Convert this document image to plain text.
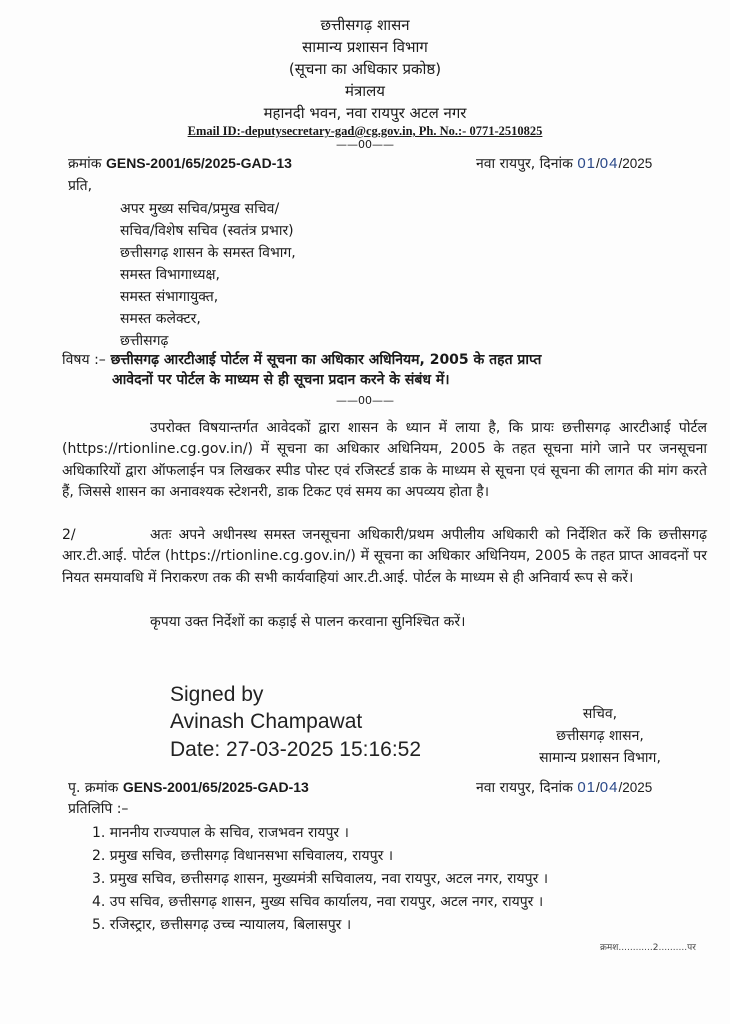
छत्तीसगढ़ शासन
सामान्य प्रशासन विभाग
(सूचना का अधिकार प्रकोष्ठ)
मंत्रालय
महानदी भवन, नवा रायपुर अटल नगर
Email ID:-deputysecretary-gad@cg.gov.in, Ph. No.:- 0771-2510825
——00——
क्रमांक GENS-2001/65/2025-GAD-13	नवा रायपुर, दिनांक 01/04/2025
प्रति,
अपर मुख्य सचिव/प्रमुख सचिव/
सचिव/विशेष सचिव (स्वतंत्र प्रभार)
छत्तीसगढ़ शासन के समस्त विभाग,
समस्त विभागाध्यक्ष,
समस्त संभागायुक्त,
समस्त कलेक्टर,
छत्तीसगढ़
विषय :– छत्तीसगढ़ आरटीआई पोर्टल में सूचना का अधिकार अधिनियम, 2005 के तहत प्राप्त
आवेदनों पर पोर्टल के माध्यम से ही सूचना प्रदान करने के संबंध में।
——00——
उपरोक्त विषयान्तर्गत आवेदकों द्वारा शासन के ध्यान में लाया है, कि प्रायः छत्तीसगढ़ आरटीआई पोर्टल (https://rtionline.cg.gov.in/) में सूचना का अधिकार अधिनियम, 2005 के तहत सूचना मांगे जाने पर जनसूचना अधिकारियों द्वारा ऑफलाईन पत्र लिखकर स्पीड पोस्ट एवं रजिस्टर्ड डाक के माध्यम से सूचना एवं सूचना की लागत की मांग करते हैं, जिससे शासन का अनावश्यक स्टेशनरी, डाक टिकट एवं समय का अपव्यय होता है।
2/	अतः अपने अधीनस्थ समस्त जनसूचना अधिकारी/प्रथम अपीलीय अधिकारी को निर्देशित करें कि छत्तीसगढ़ आर.टी.आई. पोर्टल (https://rtionline.cg.gov.in/) में सूचना का अधिकार अधिनियम, 2005 के तहत प्राप्त आवदनों पर नियत समयावधि में निराकरण तक की सभी कार्यवाहियां आर.टी.आई. पोर्टल के माध्यम से ही अनिवार्य रूप से करें।
कृपया उक्त निर्देशों का कड़ाई से पालन करवाना सुनिश्चित करें।
Signed by
Avinash Champawat
Date: 27-03-2025 15:16:52
सचिव,
छत्तीसगढ़ शासन,
सामान्य प्रशासन विभाग,
पृ. क्रमांक GENS-2001/65/2025-GAD-13	नवा रायपुर, दिनांक 01/04/2025
प्रतिलिपि :–
1. माननीय राज्यपाल के सचिव, राजभवन रायपुर ।
2. प्रमुख सचिव, छत्तीसगढ़ विधानसभा सचिवालय, रायपुर ।
3. प्रमुख सचिव, छत्तीसगढ़ शासन, मुख्यमंत्री सचिवालय, नवा रायपुर, अटल नगर, रायपुर ।
4. उप सचिव, छत्तीसगढ़ शासन, मुख्य सचिव कार्यालय, नवा रायपुर, अटल नगर, रायपुर ।
5. रजिस्ट्रार, छत्तीसगढ़ उच्च न्यायालय, बिलासपुर ।
क्रमश............2..........पर
